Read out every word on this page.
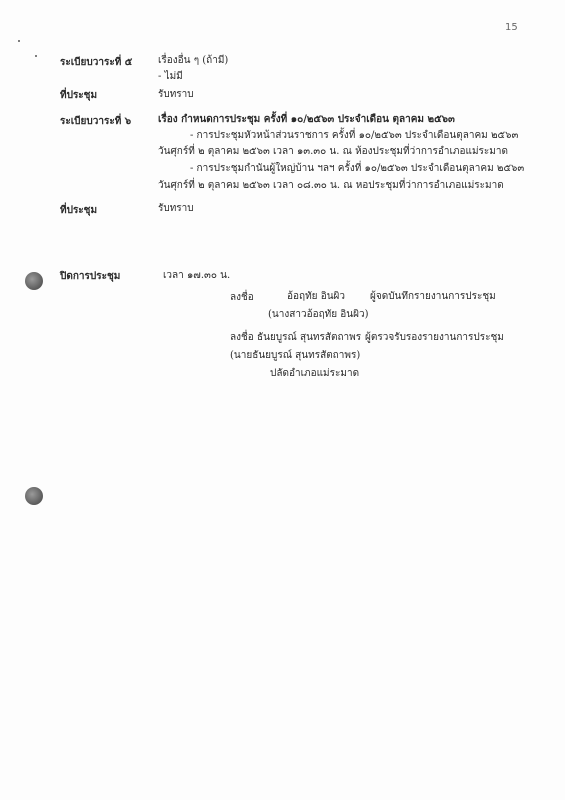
15
ระเบียบวาระที่ ๕	เรื่องอื่น ๆ (ถ้ามี)
- ไม่มี
ที่ประชุม	รับทราบ
ระเบียบวาระที่ ๖	เรื่อง กำหนดการประชุม ครั้งที่ ๑๐/๒๕๖๓ ประจำเดือน ตุลาคม ๒๕๖๓
- การประชุมหัวหน้าส่วนราชการ ครั้งที่ ๑๐/๒๕๖๓ ประจำเดือนตุลาคม ๒๕๖๓
วันศุกร์ที่ ๒ ตุลาคม ๒๕๖๓ เวลา ๑๓.๓๐ น. ณ ห้องประชุมที่ว่าการอำเภอแม่ระมาด
- การประชุมกำนันผู้ใหญ่บ้าน ฯลฯ ครั้งที่ ๑๐/๒๕๖๓ ประจำเดือนตุลาคม ๒๕๖๓
วันศุกร์ที่ ๒ ตุลาคม ๒๕๖๓ เวลา ๐๘.๓๐ น. ณ หอประชุมที่ว่าการอำเภอแม่ระมาด
ที่ประชุม	รับทราบ
ปิดการประชุม	เวลา ๑๗.๓๐ น.
ลงชื่อ	อ้อฤทัย อินผิว ผู้จดบันทึกรายงานการประชุม
(นางสาวอ้อฤทัย อินผิว)
ลงชื่อ ธันยบูรณ์ สุนทรสัตถาพร ผู้ตรวจรับรองรายงานการประชุม
(นายธันยบูรณ์ สุนทรสัตถาพร)
ปลัดอำเภอแม่ระมาด
